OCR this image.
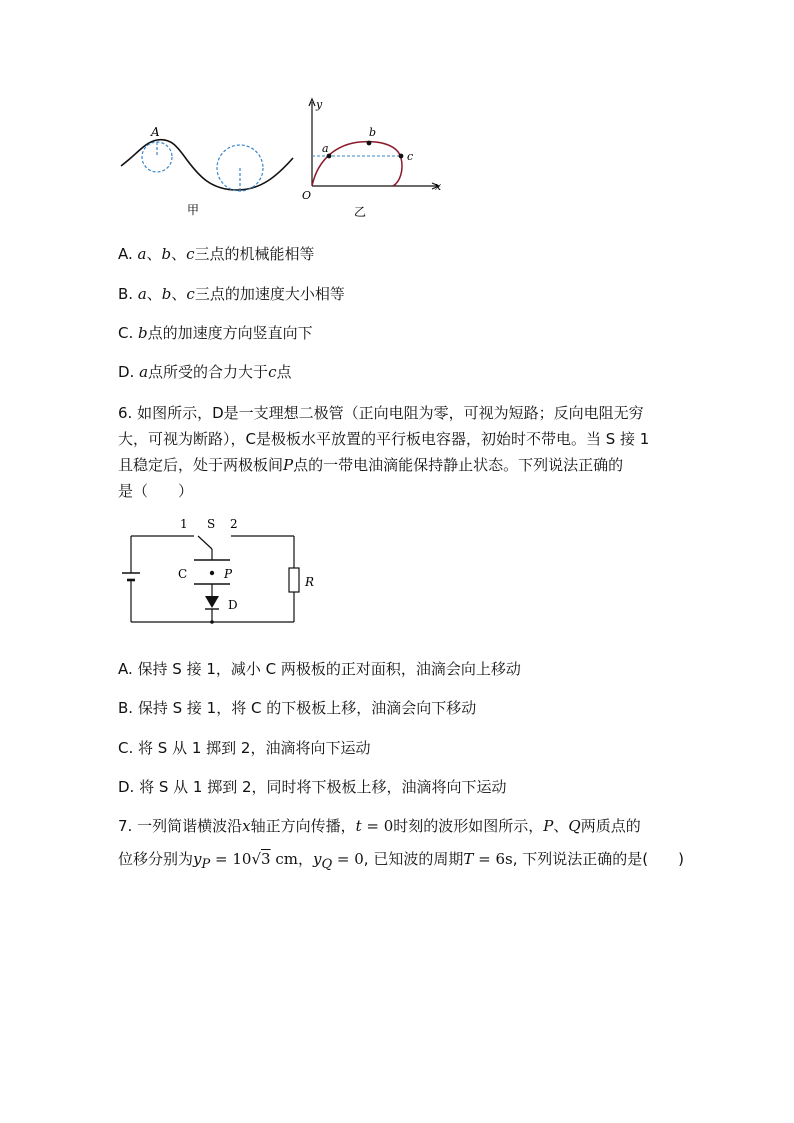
A
甲
y
x
O
a
b
c
乙
A. a、b、c三点的机械能相等
B. a、b、c三点的加速度大小相等
C. b点的加速度方向竖直向下
D. a点所受的合力大于c点
6. 如图所示，D是一支理想二极管（正向电阻为零，可视为短路；反向电阻无穷
大，可视为断路），C是极板水平放置的平行板电容器，初始时不带电。当 S 接 1
且稳定后，处于两极板间P点的一带电油滴能保持静止状态。下列说法正确的
是（　　）
1 S 2
C	P
D
R
A. 保持 S 接 1，减小 C 两极板的正对面积，油滴会向上移动
B. 保持 S 接 1，将 C 的下极板上移，油滴会向下移动
C. 将 S 从 1 掷到 2，油滴将向下运动
D. 将 S 从 1 掷到 2，同时将下极板上移，油滴将向下运动
7. 一列简谐横波沿x轴正方向传播，t = 0时刻的波形如图所示，P、Q两质点的
位移分别为$y_P = 10√3$ cm，$y_Q = 0$, 已知波的周期T = 6s, 下列说法正确的是(　　)
